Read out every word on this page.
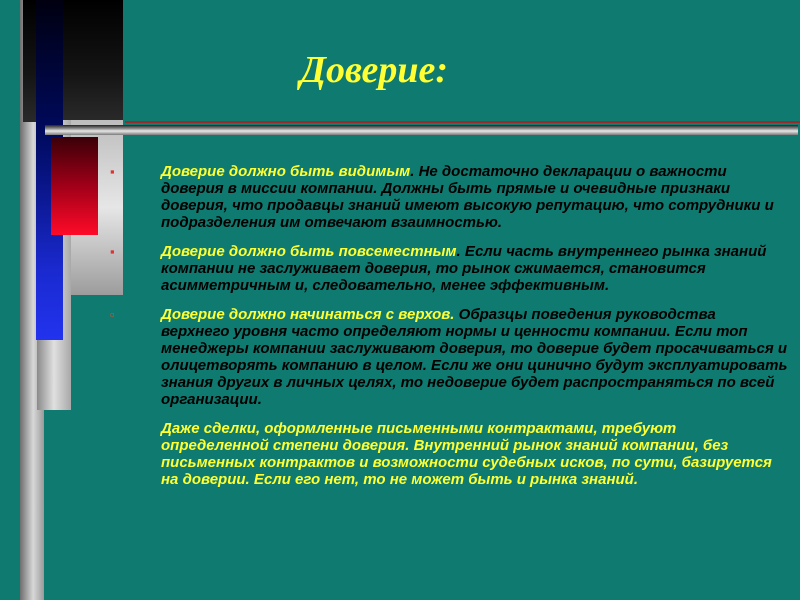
Доверие:

▪	Доверие должно быть видимым. Не достаточно декларации о важности доверия в миссии компании. Должны быть прямые и очевидные признаки доверия, что продавцы знаний имеют высокую репутацию, что сотрудники и подразделения им отвечают взаимностью.

▪	Доверие должно быть повсеместным. Если часть внутреннего рынка знаний компании не заслуживает доверия, то рынок сжимается, становится асимметричным и, следовательно, менее эффективным.

▫	Доверие должно начинаться с верхов. Образцы поведения руководства верхнего уровня часто определяют нормы и ценности компании. Если топ менеджеры компании заслуживают доверия, то доверие будет просачиваться и олицетворять компанию в целом. Если же они цинично будут эксплуатировать знания других в личных целях, то недоверие будет распространяться по всей организации.

Даже сделки, оформленные письменными контрактами, требуют определенной степени доверия. Внутренний рынок знаний компании, без письменных контрактов и возможности судебных исков, по сути, базируется на доверии. Если его нет, то не может быть и рынка знаний.
